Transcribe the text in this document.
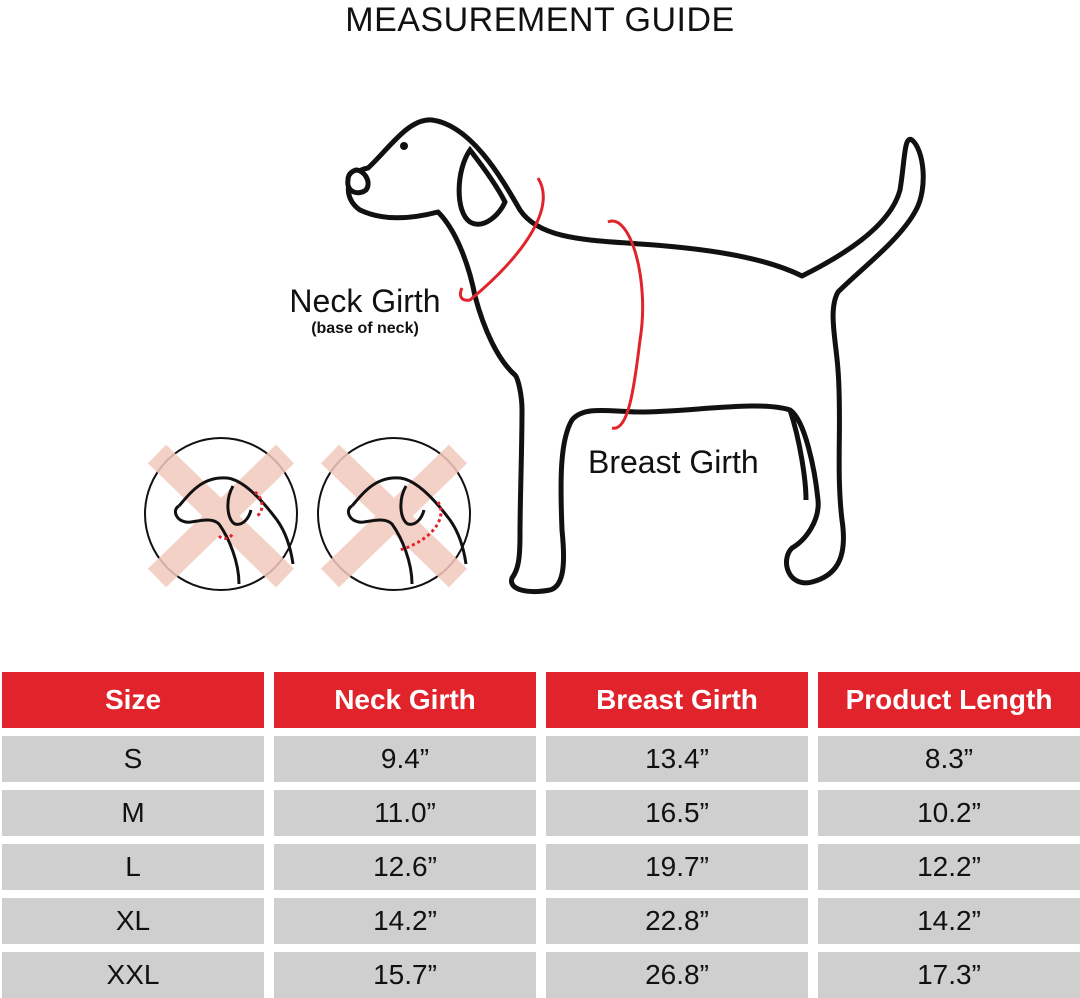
MEASUREMENT GUIDE
Neck Girth
(base of neck)
Breast Girth
Size	Neck Girth	Breast Girth	Product Length
S	9.4”	13.4”	8.3”
M	11.0”	16.5”	10.2”
L	12.6”	19.7”	12.2”
XL	14.2”	22.8”	14.2”
XXL	15.7”	26.8”	17.3”
